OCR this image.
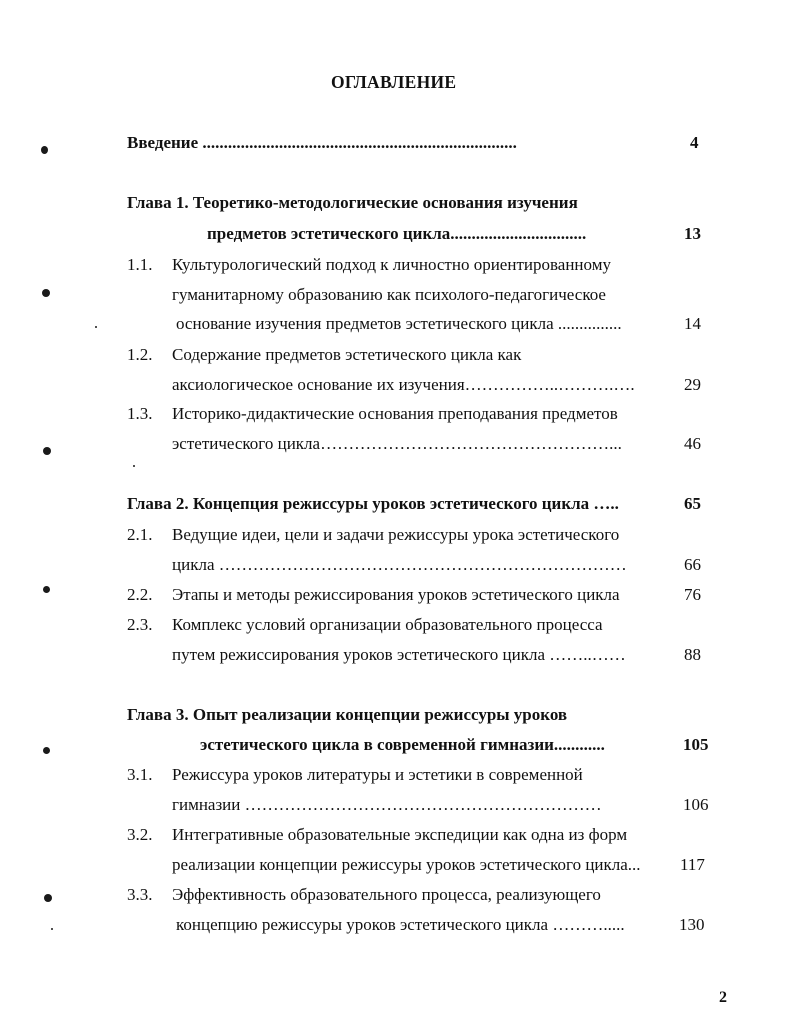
ОГЛАВЛЕНИЕ
Введение ..........................................................................	4
Глава 1. Теоретико-методологические основания изучения
предметов эстетического цикла................................	13
1.1. Культурологический подход к личностно ориентированному
гуманитарному образованию как психолого-педагогическое
основание изучения предметов эстетического цикла ...............	14
1.2. Содержание предметов эстетического цикла как
аксиологическое основание их изучения……………..……….….	29
1.3. Историко-дидактические основания преподавания предметов
эстетического цикла……………………………………………...	46
Глава 2. Концепция режиссуры уроков эстетического цикла …..	65
2.1. Ведущие идеи, цели и задачи режиссуры урока эстетического
цикла ………………………………………………………………	66
2.2. Этапы и методы режиссирования уроков эстетического цикла	76
2.3. Комплекс условий организации образовательного процесса
путем режиссирования уроков эстетического цикла ……..……	88
Глава 3. Опыт реализации концепции режиссуры уроков
эстетического цикла в современной гимназии............	105
3.1. Режиссура уроков литературы и эстетики в современной
гимназии ………………………………………………………	106
3.2. Интегративные образовательные экспедиции как одна из форм
реализации концепции режиссуры уроков эстетического цикла... 117
3.3. Эффективность образовательного процесса, реализующего
концепцию режиссуры уроков эстетического цикла ……….....	130
2
